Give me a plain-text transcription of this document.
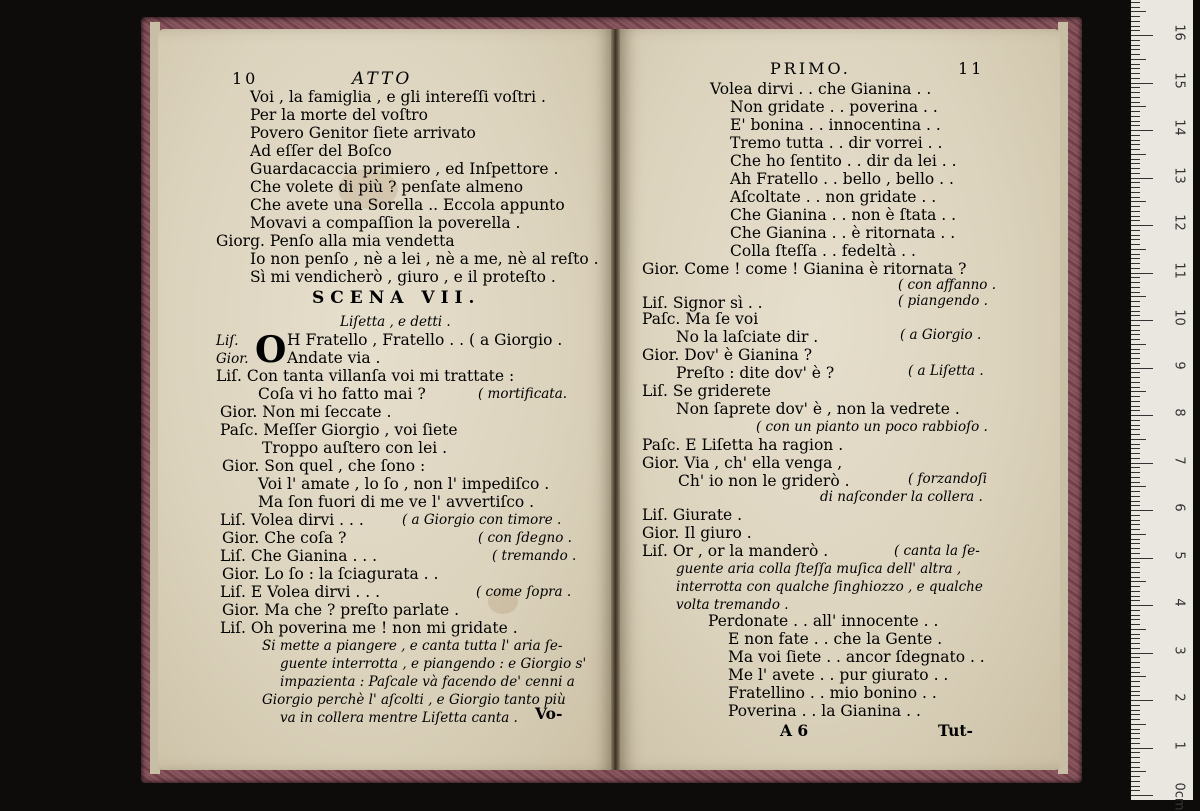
10	ATTO
Voi , la famiglia , e gli intereſſi voſtri .
Per la morte del voſtro
Povero Genitor ſiete arrivato
Ad eſſer del Boſco
Guardacaccia primiero , ed Inſpettore .
Che volete di più ? penſate almeno
Che avete una Sorella .. Eccola appunto
Movavi a compaſſion la poverella .
Giorg. Penſo alla mia vendetta
Io non penſo , nè a lei , nè a me, nè al reſto .
Sì mi vendicherò , giuro , e il proteſto .
SCENA VII.
Liſetta , e detti .
Liſ. O H Fratello , Fratello . . ( a Giorgio .
Gior. Andate via .
Liſ. Con tanta villanſa voi mi trattate :
Coſa vi ho fatto mai ?	( mortificata.
Gior. Non mi ſeccate .
Paſc. Meſſer Giorgio , voi ſiete
Troppo auſtero con lei .
Gior. Son quel , che ſono :
Voi l' amate , lo ſo , non l' impediſco .
Ma ſon fuori di me ve l' avvertiſco .
Liſ. Volea dirvi . . .	( a Giorgio con timore .
Gior. Che coſa ?	( con ſdegno .
Liſ. Che Gianina . . .	( tremando .
Gior. Lo ſo : la ſciagurata . .
Liſ. E Volea dirvi . . .	( come ſopra .
Gior. Ma che ? preſto parlate .
Liſ. Oh poverina me ! non mi gridate .
Si mette a piangere , e canta tutta l' aria ſe-
guente interrotta , e piangendo : e Giorgio s'
impazienta : Paſcale và facendo de' cenni a
Giorgio perchè l' aſcolti , e Giorgio tanto più
va in collera mentre Liſetta canta . Vo-
PRIMO.	11
Volea dirvi . . che Gianina . .
Non gridate . . poverina . .
E' bonina . . innocentina . .
Tremo tutta . . dir vorrei . .
Che ho ſentito . . dir da lei . .
Ah Fratello . . bello , bello . .
Aſcoltate . . non gridate . .
Che Gianina . . non è ſtata . .
Che Gianina . . è ritornata . .
Colla ſteſſa . . fedeltà . .
Gior. Come ! come ! Gianina è ritornata ?
( con affanno .
Liſ. Signor sì . .	( piangendo .
Paſc. Ma ſe voi
No la laſciate dir .	( a Giorgio .
Gior. Dov' è Gianina ?
Preſto : dite dov' è ?	( a Liſetta .
Liſ. Se griderete
Non ſaprete dov' è , non la vedrete .
( con un pianto un poco rabbioſo .
Paſc. E Liſetta ha ragion .
Gior. Via , ch' ella venga ,
Ch' io non le griderò .	( forzandoſi
di naſconder la collera .
Liſ. Giurate .
Gior. Il giuro .
Liſ. Or , or la manderò .	( canta la ſe-
guente aria colla ſteſſa muſica dell' altra ,
interrotta con qualche ſinghiozzo , e qualche
volta tremando .
Perdonate . . all' innocente . .
E non fate . . che la Gente .
Ma voi ſiete . . ancor ſdegnato . .
Me l' avete . . pur giurato . .
Fratellino . . mio bonino . .
Poverina . . la Gianina . .
A 6	Tut-
0cm
1
2
3
4
5
6
7
8
9
10
11
12
13
14
15
16
